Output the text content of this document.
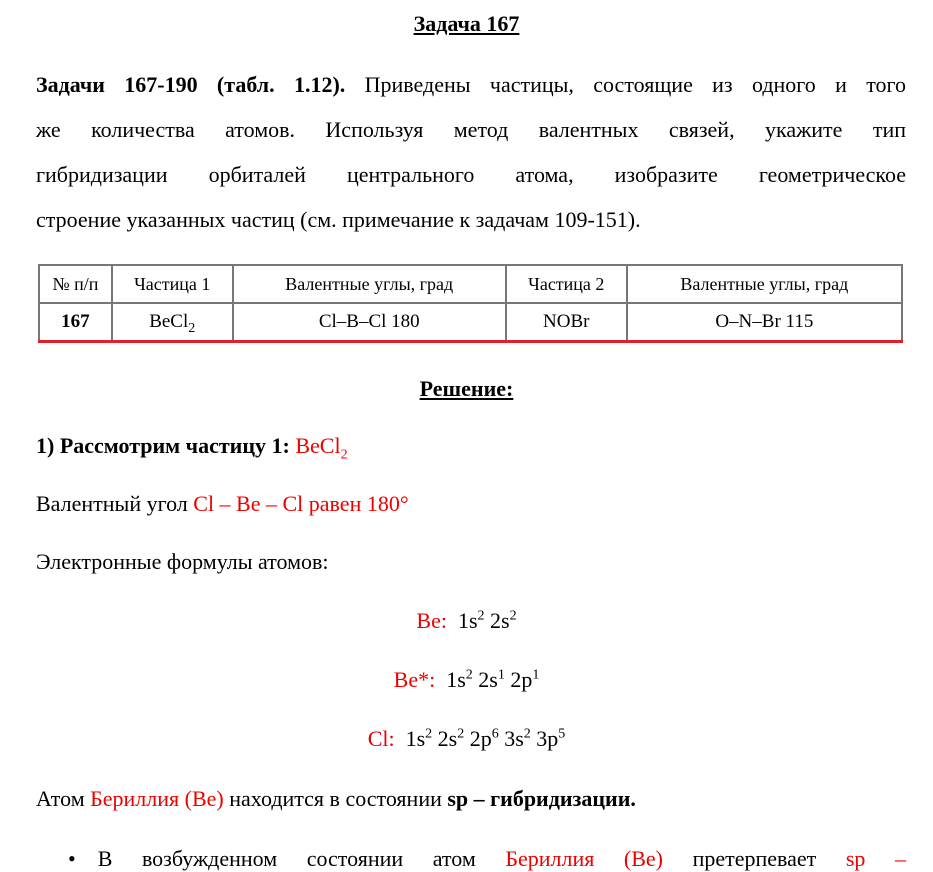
Задача 167
Задачи 167-190 (табл. 1.12). Приведены частицы, состоящие из одного и того
же количества атомов. Используя метод валентных связей, укажите тип
гибридизации орбиталей центрального атома, изобразите геометрическое
строение указанных частиц (см. примечание к задачам 109-151).
№ п/п	Частица 1	Валентные углы, град	Частица 2	Валентные углы, град
167	BeCl$_2$	Cl–B–Cl 180	NOBr	O–N–Br 115
Решение:
1) Рассмотрим частицу 1: BeCl$_2$
Валентный угол Cl – Be – Cl равен 180°
Электронные формулы атомов:
Be: $1s^2$ $2s^2$
Be*: $1s^2$ $2s^1$ $2p^1$
Cl: $1s^2$ $2s^2$ $2p^6$ $3s^2$ $3p^5$
Атом Бериллия (Be) находится в состоянии sp – гибридизации.
• В возбужденном состоянии атом Бериллия (Be) претерпевает sp –
